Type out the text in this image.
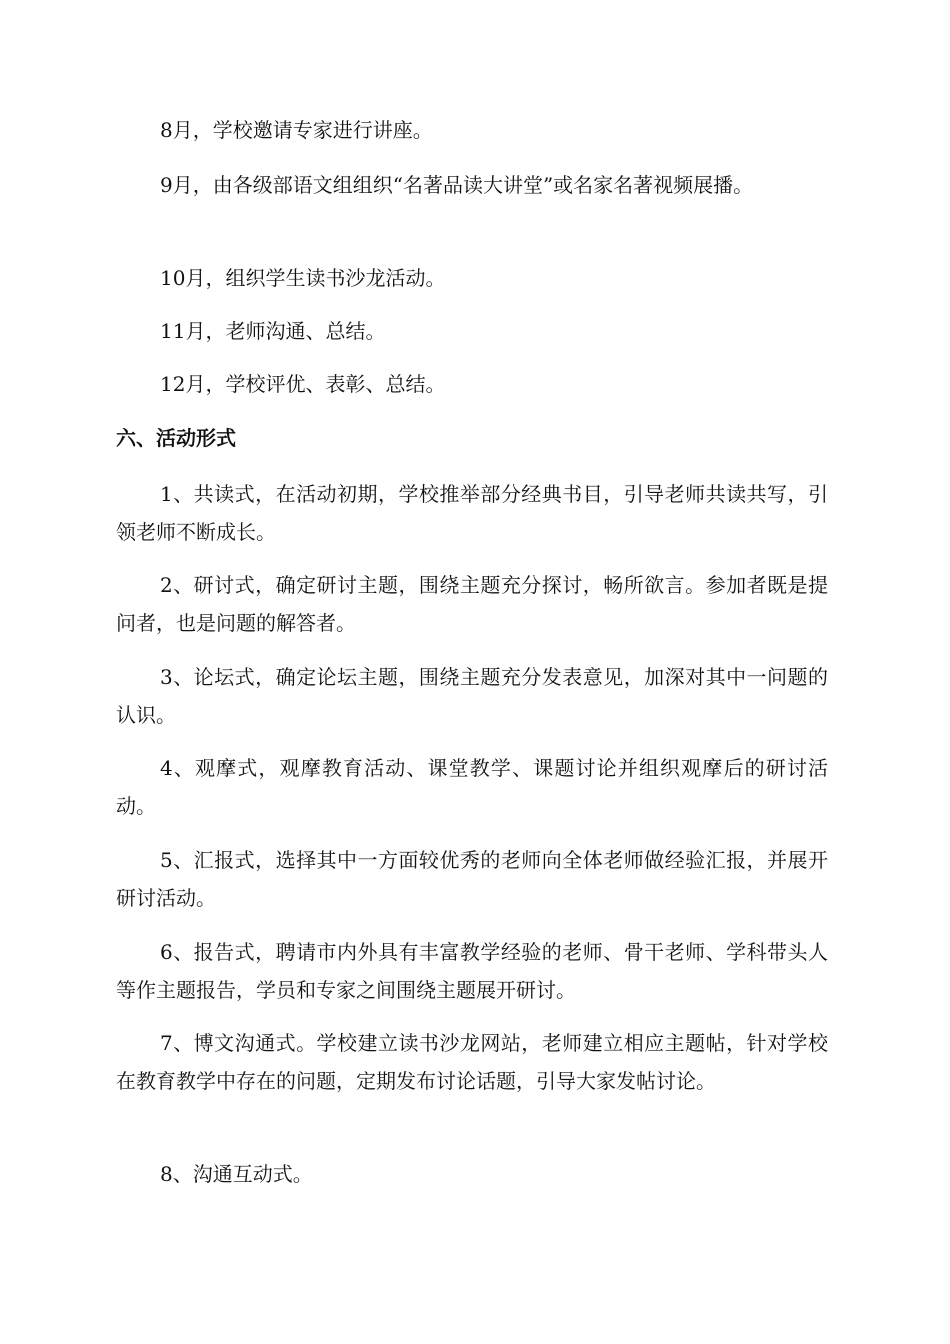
8月，学校邀请专家进行讲座。

9月，由各级部语文组组织“名著品读大讲堂”或名家名著视频展播。

10月，组织学生读书沙龙活动。

11月，老师沟通、总结。

12月，学校评优、表彰、总结。

六、活动形式

1、共读式，在活动初期，学校推举部分经典书目，引导老师共读共写，引领老师不断成长。

2、研讨式，确定研讨主题，围绕主题充分探讨，畅所欲言。参加者既是提问者，也是问题的解答者。

3、论坛式，确定论坛主题，围绕主题充分发表意见，加深对其中一问题的认识。

4、观摩式，观摩教育活动、课堂教学、课题讨论并组织观摩后的研讨活动。

5、汇报式，选择其中一方面较优秀的老师向全体老师做经验汇报，并展开研讨活动。

6、报告式，聘请市内外具有丰富教学经验的老师、骨干老师、学科带头人等作主题报告，学员和专家之间围绕主题展开研讨。

7、博文沟通式。学校建立读书沙龙网站，老师建立相应主题帖，针对学校在教育教学中存在的问题，定期发布讨论话题，引导大家发帖讨论。

8、沟通互动式。
